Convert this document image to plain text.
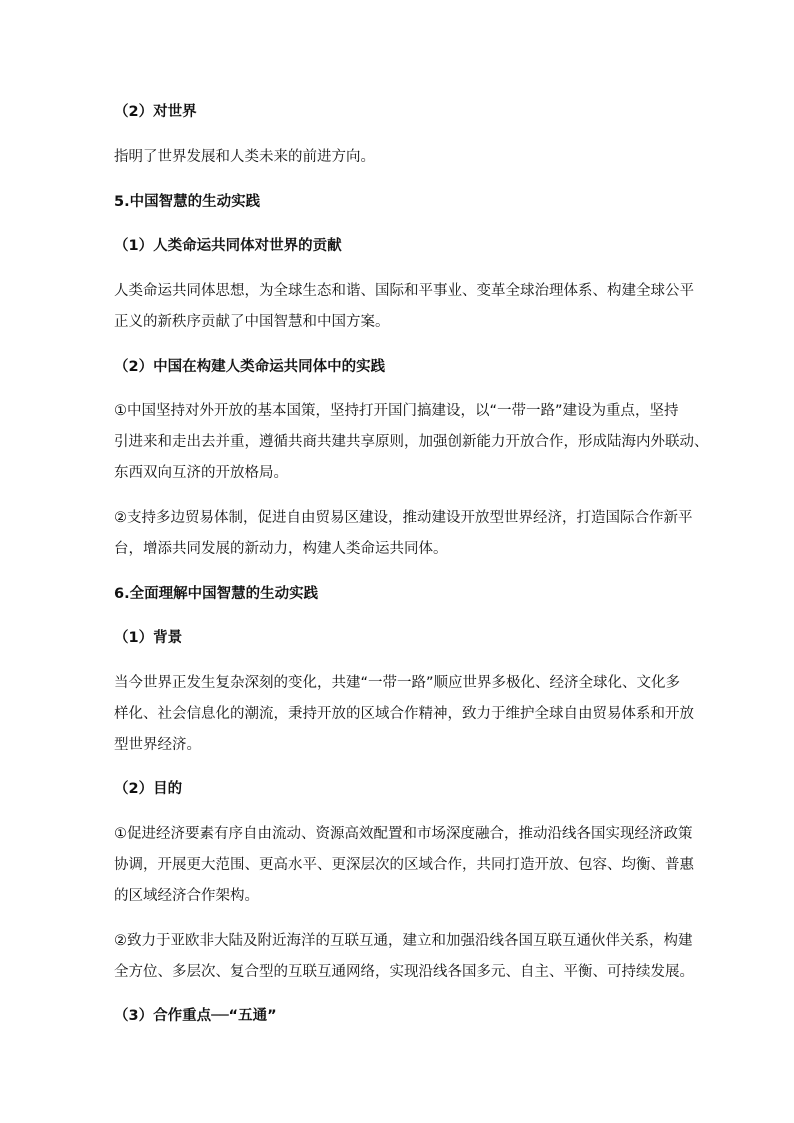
（2）对世界
指明了世界发展和人类未来的前进方向。
5.中国智慧的生动实践
（1）人类命运共同体对世界的贡献
人类命运共同体思想，为全球生态和谐、国际和平事业、变革全球治理体系、构建全球公平
正义的新秩序贡献了中国智慧和中国方案。
（2）中国在构建人类命运共同体中的实践
①中国坚持对外开放的基本国策，坚持打开国门搞建设，以“一带一路”建设为重点，坚持
引进来和走出去并重，遵循共商共建共享原则，加强创新能力开放合作，形成陆海内外联动、
东西双向互济的开放格局。
②支持多边贸易体制，促进自由贸易区建设，推动建设开放型世界经济，打造国际合作新平
台，增添共同发展的新动力，构建人类命运共同体。
6.全面理解中国智慧的生动实践
（1）背景
当今世界正发生复杂深刻的变化，共建“一带一路”顺应世界多极化、经济全球化、文化多
样化、社会信息化的潮流，秉持开放的区域合作精神，致力于维护全球自由贸易体系和开放
型世界经济。
（2）目的
①促进经济要素有序自由流动、资源高效配置和市场深度融合，推动沿线各国实现经济政策
协调，开展更大范围、更高水平、更深层次的区域合作，共同打造开放、包容、均衡、普惠
的区域经济合作架构。
②致力于亚欧非大陆及附近海洋的互联互通，建立和加强沿线各国互联互通伙伴关系，构建
全方位、多层次、复合型的互联互通网络，实现沿线各国多元、自主、平衡、可持续发展。
（3）合作重点──“五通”
